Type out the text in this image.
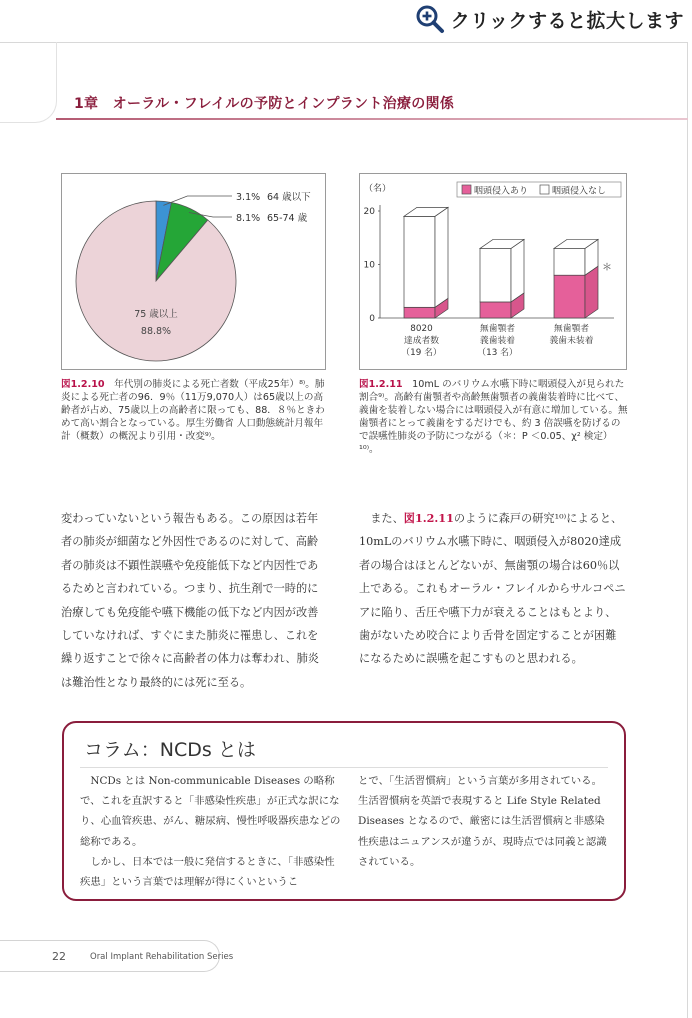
クリックすると拡大します
1章　オーラル・フレイルの予防とインプラント治療の関係
3.1% 64 歳以下
8.1% 65-74 歳
75 歳以上
88.8%
図1.2.10　年代別の肺炎による死亡者数（平成25年）⁸⁾。肺炎による死亡者の96．9％（11万9,070人）は65歳以上の高齢者が占め、75歳以上の高齢者に限っても、88．８％ときわめて高い割合となっている。厚生労働省 人口動態統計月報年計（概数）の概況より引用・改変⁹⁾。
（名）
20
10
0
咽頭侵入あり	咽頭侵入なし
8020
達成者数
（19 名）
無歯顎者
義歯装着
（13 名）
無歯顎者
義歯未装着
＊
図1.2.11　10mL のバリウム水嚥下時に咽頭侵入が見られた割合⁹⁾。高齢有歯顎者や高齢無歯顎者の義歯装着時に比べて、義歯を装着しない場合には咽頭侵入が有意に増加している。無歯顎者にとって義歯をするだけでも、約 3 倍誤嚥を防げるので誤嚥性肺炎の予防につながる（＊：P ＜0.05、χ² 検定）¹⁰⁾。

変わっていないという報告もある。この原因は若年者の肺炎が細菌など外因性であるのに対して、高齢者の肺炎は不顕性誤嚥や免疫能低下など内因性であるためと言われている。つまり、抗生剤で一時的に治療しても免疫能や嚥下機能の低下など内因が改善していなければ、すぐにまた肺炎に罹患し、これを繰り返すことで徐々に高齢者の体力は奪われ、肺炎は難治性となり最終的には死に至る。

　また、図1.2.11のように森戸の研究¹⁰⁾によると、10mLのバリウム水嚥下時に、咽頭侵入が8020達成者の場合はほとんどないが、無歯顎の場合は60％以上である。これもオーラル・フレイルからサルコペニアに陥り、舌圧や嚥下力が衰えることはもとより、歯がないため咬合により舌骨を固定することが困難になるために誤嚥を起こすものと思われる。

コラム：NCDs とは

　NCDs とは Non-communicable Diseases の略称で、これを直訳すると「非感染性疾患」が正式な訳になり、心血管疾患、がん、糖尿病、慢性呼吸器疾患などの総称である。
　しかし、日本では一般に発信するときに、「非感染性疾患」という言葉では理解が得にくいというこ

とで、「生活習慣病」という言葉が多用されている。生活習慣病を英語で表現すると Life Style Related Diseases となるので、厳密には生活習慣病と非感染性疾患はニュアンスが違うが、現時点では同義と認識されている。

22	Oral Implant Rehabilitation Series
